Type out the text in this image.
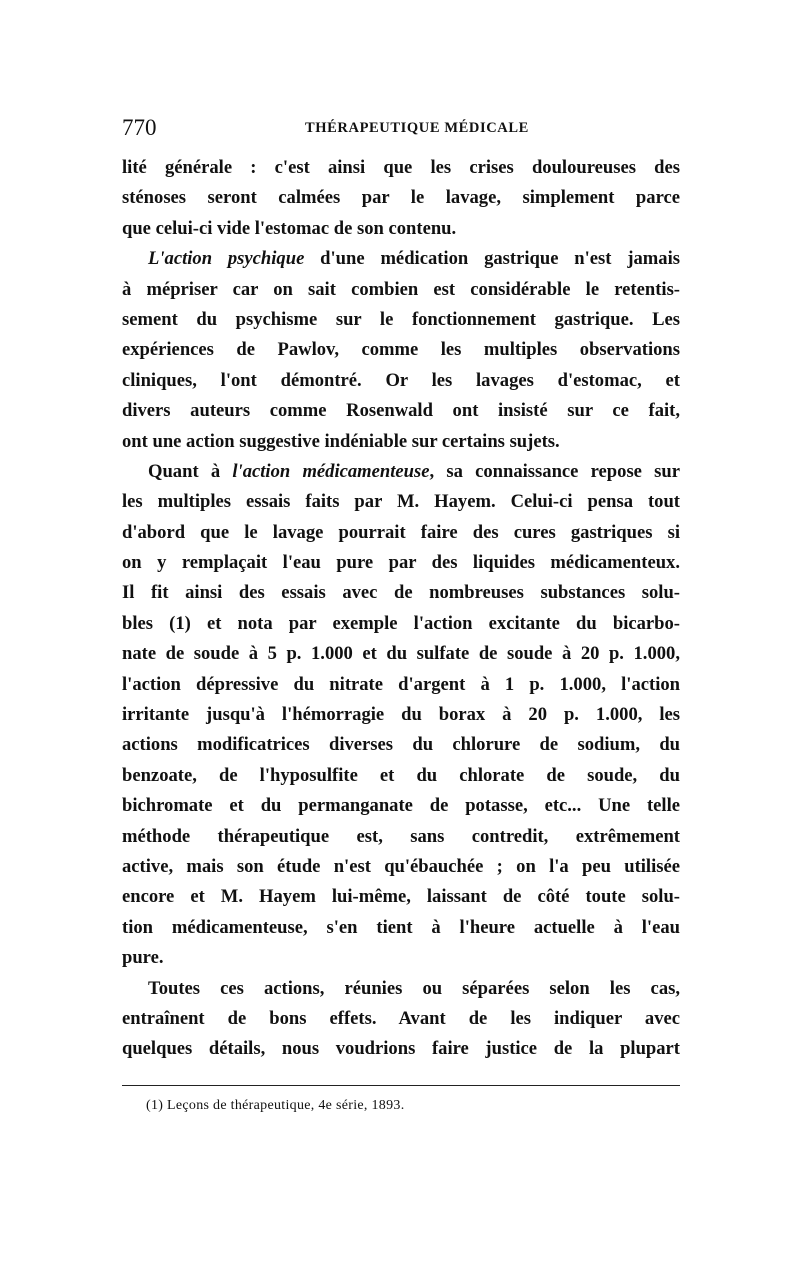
770	THÉRAPEUTIQUE MÉDICALE
lité générale : c'est ainsi que les crises douloureuses des
sténoses seront calmées par le lavage, simplement parce
que celui-ci vide l'estomac de son contenu.
L'action psychique d'une médication gastrique n'est jamais
à mépriser car on sait combien est considérable le retentis-
sement du psychisme sur le fonctionnement gastrique. Les
expériences de Pawlov, comme les multiples observations
cliniques, l'ont démontré. Or les lavages d'estomac, et
divers auteurs comme Rosenwald ont insisté sur ce fait,
ont une action suggestive indéniable sur certains sujets.
Quant à l'action médicamenteuse, sa connaissance repose sur
les multiples essais faits par M. Hayem. Celui-ci pensa tout
d'abord que le lavage pourrait faire des cures gastriques si
on y remplaçait l'eau pure par des liquides médicamenteux.
Il fit ainsi des essais avec de nombreuses substances solu-
bles (1) et nota par exemple l'action excitante du bicarbo-
nate de soude à 5 p. 1.000 et du sulfate de soude à 20 p. 1.000,
l'action dépressive du nitrate d'argent à 1 p. 1.000, l'action
irritante jusqu'à l'hémorragie du borax à 20 p. 1.000, les
actions modificatrices diverses du chlorure de sodium, du
benzoate, de l'hyposulfite et du chlorate de soude, du
bichromate et du permanganate de potasse, etc... Une telle
méthode thérapeutique est, sans contredit, extrêmement
active, mais son étude n'est qu'ébauchée ; on l'a peu utilisée
encore et M. Hayem lui-même, laissant de côté toute solu-
tion médicamenteuse, s'en tient à l'heure actuelle à l'eau
pure.
Toutes ces actions, réunies ou séparées selon les cas,
entraînent de bons effets. Avant de les indiquer avec
quelques détails, nous voudrions faire justice de la plupart
(1) Leçons de thérapeutique, 4e série, 1893.
